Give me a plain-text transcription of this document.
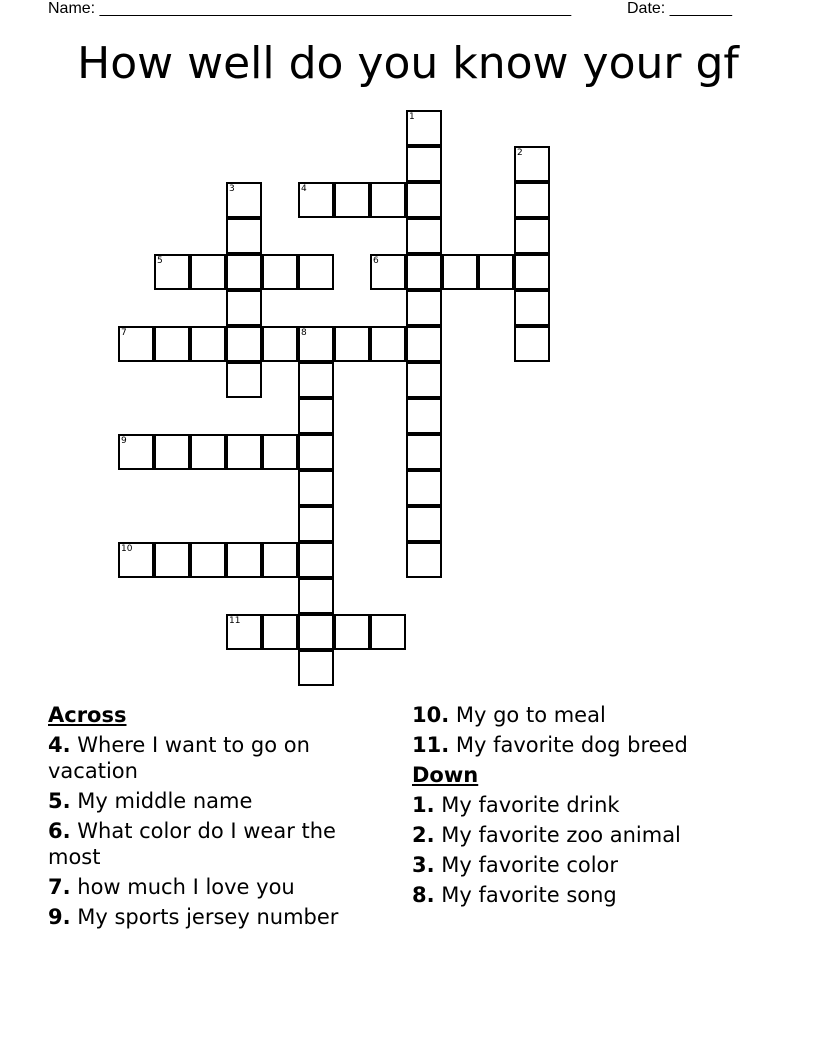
Name: _____________________________________________________	Date: _______
How well do you know your gf
1
2
3	4
5	6
7	8
9
10
11
Across
4. Where I want to go on vacation
5. My middle name
6. What color do I wear the most
7. how much I love you
9. My sports jersey number
10. My go to meal
11. My favorite dog breed
Down
1. My favorite drink
2. My favorite zoo animal
3. My favorite color
8. My favorite song
